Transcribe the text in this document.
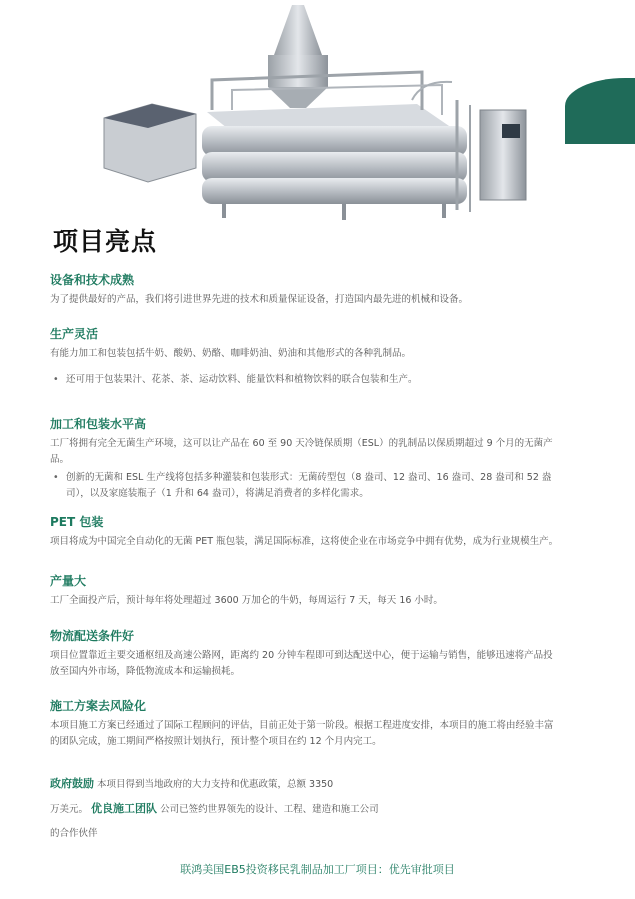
项目亮点
设备和技术成熟

为了提供最好的产品，我们将引进世界先进的技术和质量保证设备，打造国内最先进的机械和设备。

生产灵活

有能力加工和包装包括牛奶、酸奶、奶酪、咖啡奶油、奶油和其他形式的各种乳制品。

• 还可用于包装果汁、花茶、茶、运动饮料、能量饮料和植物饮料的联合包装和生产。

加工和包装水平高

工厂将拥有完全无菌生产环境，这可以让产品在 60 至 90 天冷链保质期（ESL）的乳制品以保质期超过 9 个月的无菌产品。

• 创新的无菌和 ESL 生产线将包括多种灌装和包装形式：无菌砖型包（8 盎司、12 盎司、16 盎司、28 盎司和 52 盎司），以及家庭装瓶子（1 升和 64 盎司），将满足消费者的多样化需求。

PET 包装

项目将成为中国完全自动化的无菌 PET 瓶包装，满足国际标准，这将使企业在市场竞争中拥有优势，成为行业规模生产。

产量大

工厂全面投产后，预计每年将处理超过 3600 万加仑的牛奶，每周运行 7 天，每天 16 小时。

物流配送条件好

项目位置靠近主要交通枢纽及高速公路网，距离约 20 分钟车程即可到达配送中心，便于运输与销售，能够迅速将产品投放至国内外市场，降低物流成本和运输损耗。

施工方案去风险化

本项目施工方案已经通过了国际工程顾问的评估，目前正处于第一阶段。根据工程进度安排，本项目的施工将由经验丰富的团队完成，施工期间严格按照计划执行，预计整个项目在约 12 个月内完工。

政府鼓励 本项目得到当地政府的大力支持和优惠政策，总额 3350
万美元。 优良施工团队 公司已签约世界领先的设计、工程、建造和施工公司
的合作伙伴
联鸿美国EB5投资移民乳制品加工厂项目：优先审批项目
